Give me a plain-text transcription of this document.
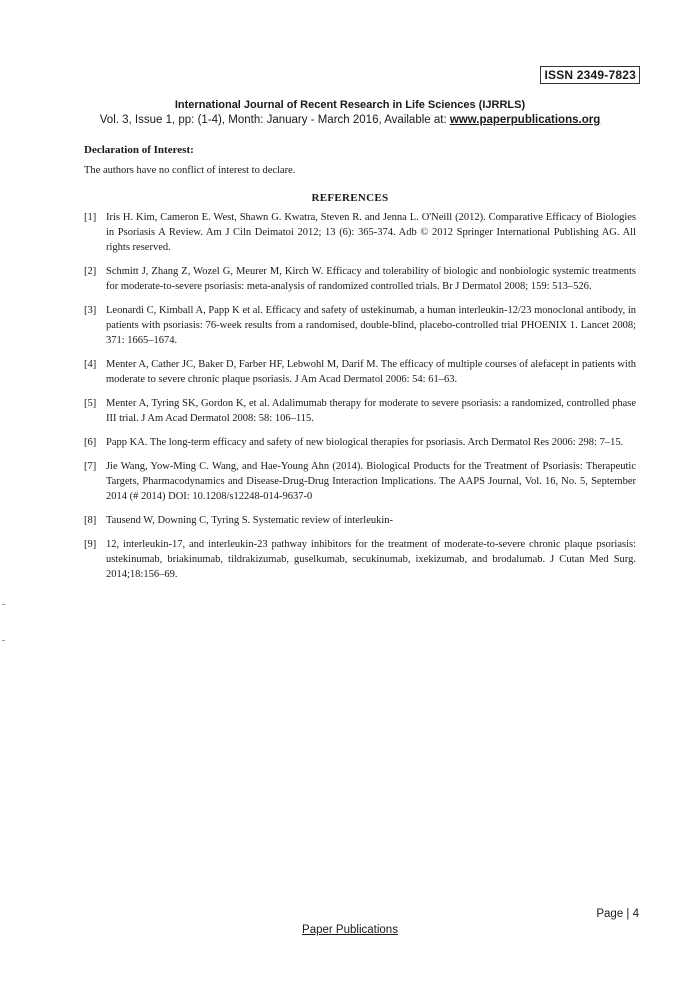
ISSN 2349-7823
International Journal of Recent Research in Life Sciences (IJRRLS)
Vol. 3, Issue 1, pp: (1-4), Month: January - March 2016, Available at: www.paperpublications.org
Declaration of Interest:
The authors have no conflict of interest to declare.
REFERENCES
[1] Iris H. Kim, Cameron E. West, Shawn G. Kwatra, Steven R. and Jenna L. O'Neill (2012). Comparative Efficacy of Biologies in Psoriasis A Review. Am J Ciln Deimatoi 2012; 13 (6): 365-374. Adb © 2012 Springer International Publishing AG. All rights reserved.
[2] Schmitt J, Zhang Z, Wozel G, Meurer M, Kirch W. Efficacy and tolerability of biologic and nonbiologic systemic treatments for moderate-to-severe psoriasis: meta-analysis of randomized controlled trials. Br J Dermatol 2008; 159: 513–526.
[3] Leonardi C, Kimball A, Papp K et al. Efficacy and safety of ustekinumab, a human interleukin-12/23 monoclonal antibody, in patients with psoriasis: 76-week results from a randomised, double-blind, placebo-controlled trial PHOENIX 1. Lancet 2008; 371: 1665–1674.
[4] Menter A, Cather JC, Baker D, Farber HF, Lebwohl M, Darif M. The efficacy of multiple courses of alefacept in patients with moderate to severe chronic plaque psoriasis. J Am Acad Dermatol 2006: 54: 61–63.
[5] Menter A, Tyring SK, Gordon K, et al. Adalimumab therapy for moderate to severe psoriasis: a randomized, controlled phase III trial. J Am Acad Dermatol 2008: 58: 106–115.
[6] Papp KA. The long-term efficacy and safety of new biological therapies for psoriasis. Arch Dermatol Res 2006: 298: 7–15.
[7] Jie Wang, Yow-Ming C. Wang, and Hae-Young Ahn (2014). Biological Products for the Treatment of Psoriasis: Therapeutic Targets, Pharmacodynamics and Disease-Drug-Drug Interaction Implications. The AAPS Journal, Vol. 16, No. 5, September 2014 (# 2014) DOI: 10.1208/s12248-014-9637-0
[8] Tausend W, Downing C, Tyring S. Systematic review of interleukin-
[9] 12, interleukin-17, and interleukin-23 pathway inhibitors for the treatment of moderate-to-severe chronic plaque psoriasis: ustekinumab, briakinumab, tildrakizumab, guselkumab, secukinumab, ixekizumab, and brodalumab. J Cutan Med Surg. 2014;18:156–69.
Page | 4
Paper Publications
